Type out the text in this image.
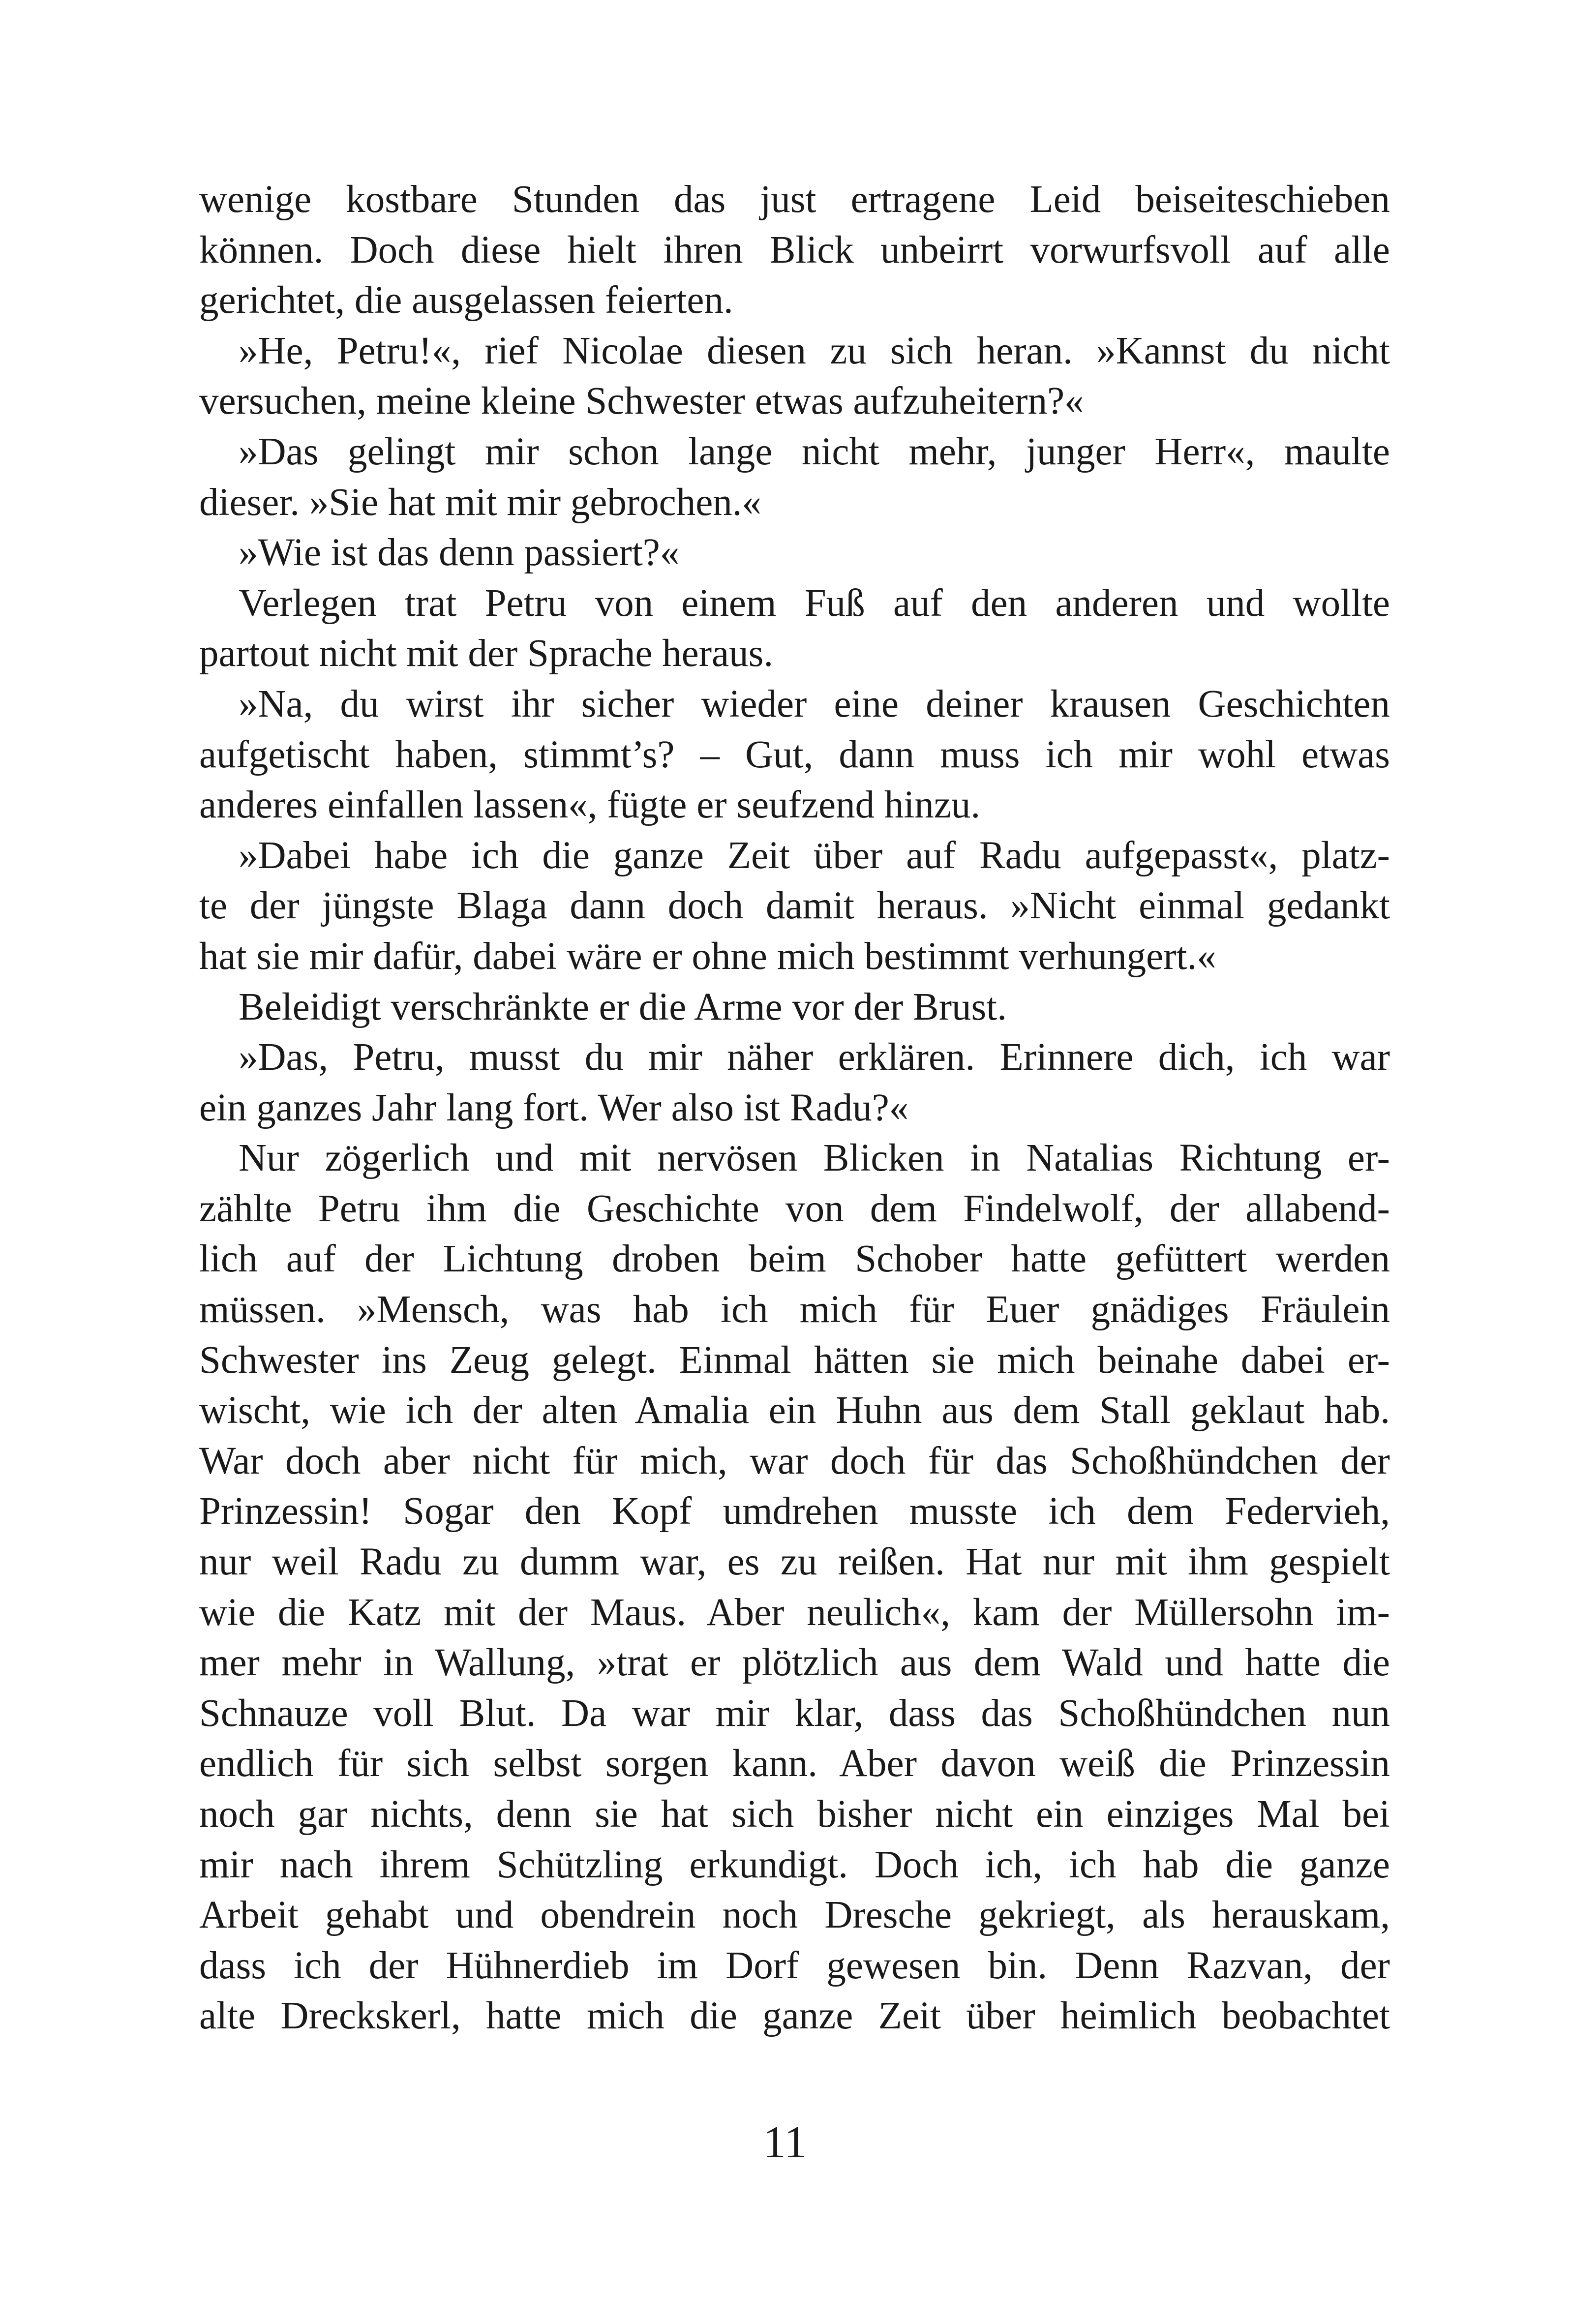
wenige kostbare Stunden das just ertragene Leid beiseiteschieben
können. Doch diese hielt ihren Blick unbeirrt vorwurfsvoll auf alle
gerichtet, die ausgelassen feierten.
»He, Petru!«, rief Nicolae diesen zu sich heran. »Kannst du nicht
versuchen, meine kleine Schwester etwas aufzuheitern?«
»Das gelingt mir schon lange nicht mehr, junger Herr«, maulte
dieser. »Sie hat mit mir gebrochen.«
»Wie ist das denn passiert?«
Verlegen trat Petru von einem Fuß auf den anderen und wollte
partout nicht mit der Sprache heraus.
»Na, du wirst ihr sicher wieder eine deiner krausen Geschichten
aufgetischt haben, stimmt’s? – Gut, dann muss ich mir wohl etwas
anderes einfallen lassen«, fügte er seufzend hinzu.
»Dabei habe ich die ganze Zeit über auf Radu aufgepasst«, platz-
te der jüngste Blaga dann doch damit heraus. »Nicht einmal gedankt
hat sie mir dafür, dabei wäre er ohne mich bestimmt verhungert.«
Beleidigt verschränkte er die Arme vor der Brust.
»Das, Petru, musst du mir näher erklären. Erinnere dich, ich war
ein ganzes Jahr lang fort. Wer also ist Radu?«
Nur zögerlich und mit nervösen Blicken in Natalias Richtung er-
zählte Petru ihm die Geschichte von dem Findelwolf, der allabend-
lich auf der Lichtung droben beim Schober hatte gefüttert werden
müssen. »Mensch, was hab ich mich für Euer gnädiges Fräulein
Schwester ins Zeug gelegt. Einmal hätten sie mich beinahe dabei er-
wischt, wie ich der alten Amalia ein Huhn aus dem Stall geklaut hab.
War doch aber nicht für mich, war doch für das Schoßhündchen der
Prinzessin! Sogar den Kopf umdrehen musste ich dem Federvieh,
nur weil Radu zu dumm war, es zu reißen. Hat nur mit ihm gespielt
wie die Katz mit der Maus. Aber neulich«, kam der Müllersohn im-
mer mehr in Wallung, »trat er plötzlich aus dem Wald und hatte die
Schnauze voll Blut. Da war mir klar, dass das Schoßhündchen nun
endlich für sich selbst sorgen kann. Aber davon weiß die Prinzessin
noch gar nichts, denn sie hat sich bisher nicht ein einziges Mal bei
mir nach ihrem Schützling erkundigt. Doch ich, ich hab die ganze
Arbeit gehabt und obendrein noch Dresche gekriegt, als herauskam,
dass ich der Hühnerdieb im Dorf gewesen bin. Denn Razvan, der
alte Dreckskerl, hatte mich die ganze Zeit über heimlich beobachtet
11
